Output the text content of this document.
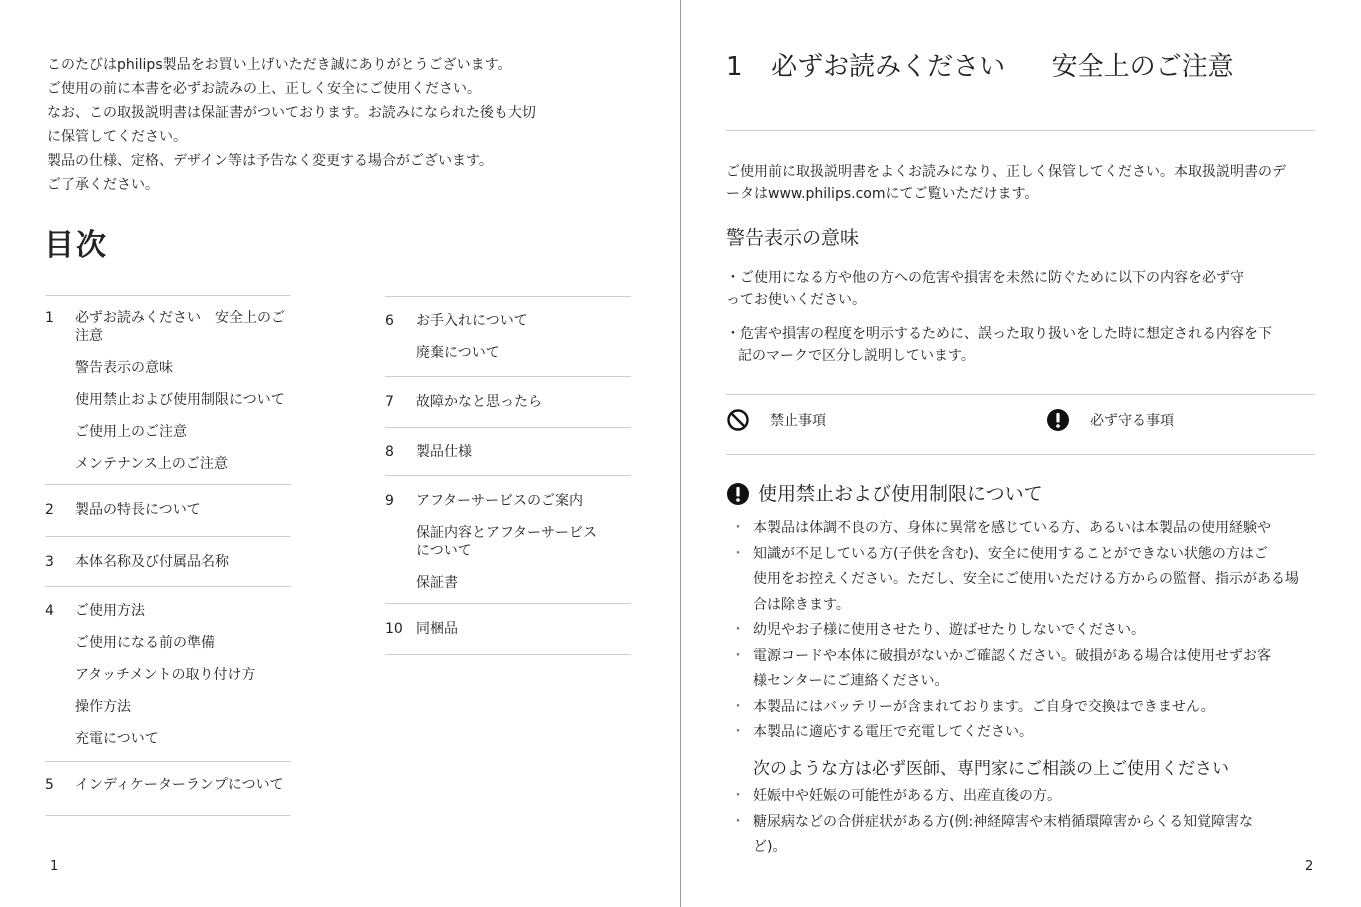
このたびはphilips製品をお買い上げいただき誠にありがとうございます。
ご使用の前に本書を必ずお読みの上、正しく安全にご使用ください。
なお、この取扱説明書は保証書がついております。お読みになられた後も大切
に保管してください。
製品の仕様、定格、デザイン等は予告なく変更する場合がございます。
ご了承ください。
目次
1	必ずお読みください　安全上のご注意
警告表示の意味
使用禁止および使用制限について
ご使用上のご注意
メンテナンス上のご注意
2	製品の特長について
3	本体名称及び付属品名称
4	ご使用方法
ご使用になる前の準備
アタッチメントの取り付け方
操作方法
充電について
5	インディケーターランプについて
6	お手入れについて
廃棄について
7	故障かなと思ったら
8	製品仕様
9	アフターサービスのご案内
保証内容とアフターサービス
について
保証書
10 同梱品
1
1 必ずお読みください 安全上のご注意
ご使用前に取扱説明書をよくお読みになり、正しく保管してください。本取扱説明書のデ
ータはwww.philips.comにてご覧いただけます。
警告表示の意味
・ご使用になる方や他の方への危害や損害を未然に防ぐために以下の内容を必ず守
ってお使いください。
・危害や損害の程度を明示するために、誤った取り扱いをした時に想定される内容を下
記のマークで区分し説明しています。
禁止事項	必ず守る事項
使用禁止および使用制限について
・ 本製品は体調不良の方、身体に異常を感じている方、あるいは本製品の使用経験や
・ 知識が不足している方(子供を含む)、安全に使用することができない状態の方はご
使用をお控えください。ただし、安全にご使用いただける方からの監督、指示がある場
合は除きます。
・ 幼児やお子様に使用させたり、遊ばせたりしないでください。
・ 電源コードや本体に破損がないかご確認ください。破損がある場合は使用せずお客
様センターにご連絡ください。
・ 本製品にはバッテリーが含まれております。ご自身で交換はできません。
・ 本製品に適応する電圧で充電してください。
次のような方は必ず医師、専門家にご相談の上ご使用ください
・ 妊娠中や妊娠の可能性がある方、出産直後の方。
・ 糖尿病などの合併症状がある方(例:神経障害や末梢循環障害からくる知覚障害な
ど)。
2
